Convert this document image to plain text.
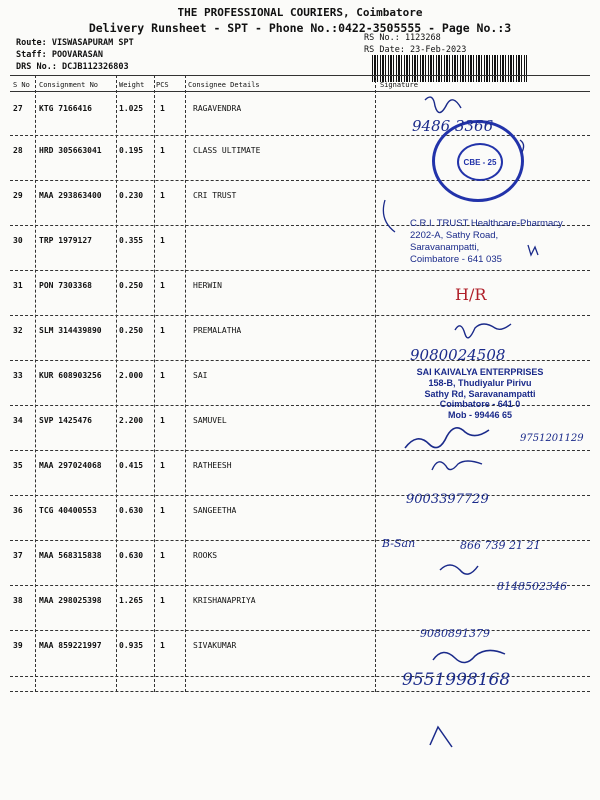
THE PROFESSIONAL COURIERS, Coimbatore
Delivery Runsheet - SPT - Phone No.:0422-3505555 - Page No.:3
Route: VISWASAPURAM SPT
Staff: POOVARASAN
DRS No.: DCJB112326803
RS No.: 1123268
RS Date: 23-Feb-2023
S No Consignment No	Weight PCS	Consignee Details	Signature
27 KTG 7166416	1.025 1	RAGAVENDRA
28 HRD 305663041 0.195 1	CLASS ULTIMATE
29 MAA 293863400 0.230 1	CRI TRUST
30 TRP 1979127	0.355 1
31 PON 7303368	0.250 1	HERWIN
32 SLM 314439890 0.250 1	PREMALATHA
33 KUR 608903256 2.000 1	SAI
34 SVP 1425476	2.200 1	SAMUVEL
35 MAA 297024068 0.415 1	RATHEESH
36 TCG 40400553	0.630 1	SANGEETHA
37 MAA 568315838 0.630 1	ROOKS
38 MAA 298025398 1.265 1	KRISHANAPRIYA
39 MAA 859221997 0.935 1	SIVAKUMAR
CBE - 25
C.R.I. TRUST Healthcare-Pharmacy
2202-A, Sathy Road,
Saravanampatti,
Coimbatore - 641 035
SAI KAIVALYA ENTERPRISES
158-B, Thudiyalur Pirivu
Sathy Rd, Saravanampatti
Coimbatore - 641 0
Mob - 99446 65
9486 3366
H/R
9080024508
9751201129
9003397729
B-San	866 739 21 21
8148502346
9080891379
9551998168
